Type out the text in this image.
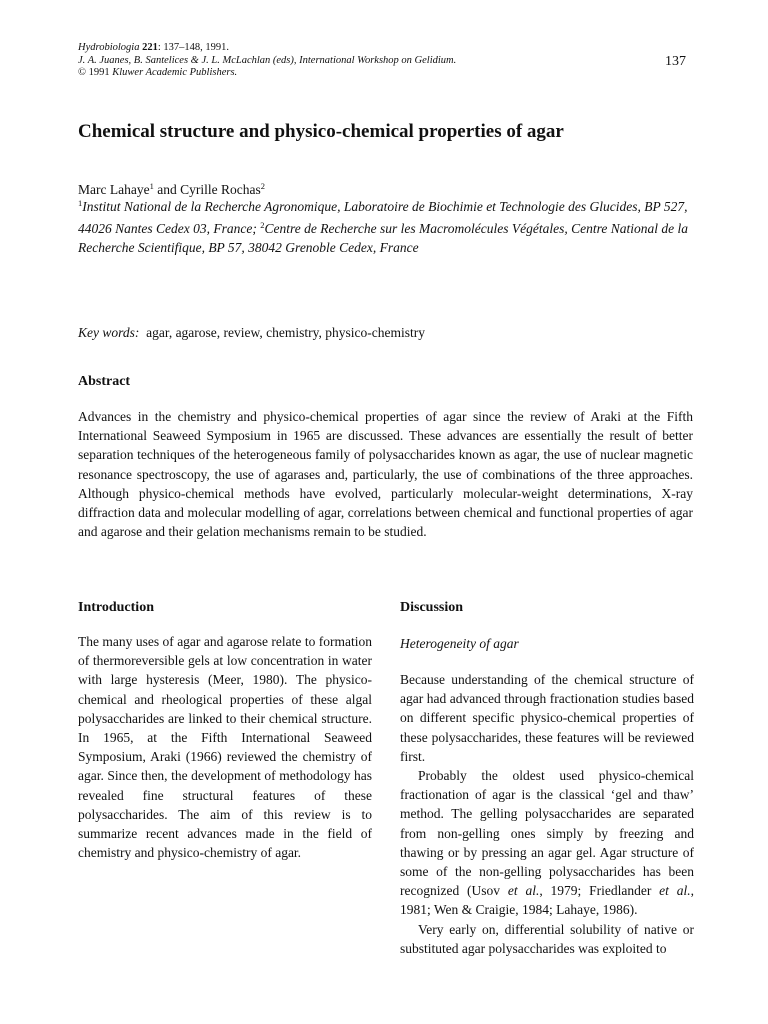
Hydrobiologia 221: 137–148, 1991.
J. A. Juanes, B. Santelices & J. L. McLachlan (eds), International Workshop on Gelidium.
© 1991 Kluwer Academic Publishers.
137
Chemical structure and physico-chemical properties of agar
Marc Lahaye$^1$ and Cyrille Rochas$^2$
$^1$Institut National de la Recherche Agronomique, Laboratoire de Biochimie et Technologie des Glucides, BP 527, 44026 Nantes Cedex 03, France; $^2$Centre de Recherche sur les Macromolécules Végétales, Centre National de la Recherche Scientifique, BP 57, 38042 Grenoble Cedex, France
Key words: agar, agarose, review, chemistry, physico-chemistry
Abstract
Advances in the chemistry and physico-chemical properties of agar since the review of Araki at the Fifth International Seaweed Symposium in 1965 are discussed. These advances are essentially the result of better separation techniques of the heterogeneous family of polysaccharides known as agar, the use of nuclear magnetic resonance spectroscopy, the use of agarases and, particularly, the use of combinations of the three approaches. Although physico-chemical methods have evolved, particularly molecular-weight determinations, X-ray diffraction data and molecular modelling of agar, correlations between chemical and functional properties of agar and agarose and their gelation mechanisms remain to be studied.
Introduction
The many uses of agar and agarose relate to formation of thermoreversible gels at low concentration in water with large hysteresis (Meer, 1980). The physico-chemical and rheological properties of these algal polysaccharides are linked to their chemical structure. In 1965, at the Fifth International Seaweed Symposium, Araki (1966) reviewed the chemistry of agar. Since then, the development of methodology has revealed fine structural features of these polysaccharides. The aim of this review is to summarize recent advances made in the field of chemistry and physico-chemistry of agar.
Discussion
Heterogeneity of agar

Because understanding of the chemical structure of agar had advanced through fractionation studies based on different specific physico-chemical properties of these polysaccharides, these features will be reviewed first.

Probably the oldest used physico-chemical fractionation of agar is the classical ‘gel and thaw’ method. The gelling polysaccharides are separated from non-gelling ones simply by freezing and thawing or by pressing an agar gel. Agar structure of some of the non-gelling polysaccharides has been recognized (Usov et al., 1979; Friedlander et al., 1981; Wen & Craigie, 1984; Lahaye, 1986).

Very early on, differential solubility of native or substituted agar polysaccharides was exploited to
